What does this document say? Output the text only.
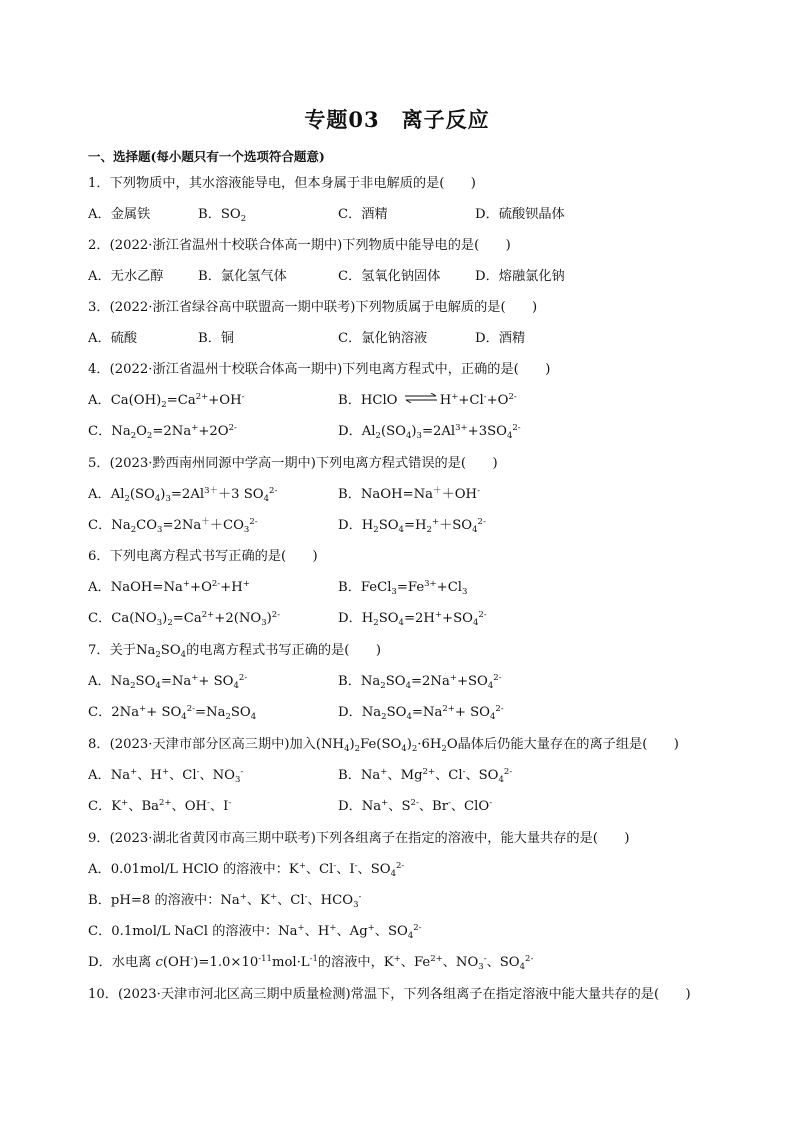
专题03　离子反应
一、选择题(每小题只有一个选项符合题意)
1．下列物质中，其水溶液能导电，但本身属于非电解质的是(　　)
A．金属铁	B．$SO_2$	C．酒精	D．硫酸钡晶体
2．(2022·浙江省温州十校联合体高一期中)下列物质中能导电的是(　　)
A．无水乙醇	B．氯化氢气体	C．氢氧化钠固体	D．熔融氯化钠
3．(2022·浙江省绿谷高中联盟高一期中联考)下列物质属于电解质的是(　　)
A．硫酸	B．铜	C．氯化钠溶液	D．酒精
4．(2022·浙江省温州十校联合体高一期中)下列电离方程式中，正确的是(　　)
A．$Ca(OH)_2=Ca^{2+}+OH^-$	B．HClO ⇌ $H^++Cl^-+O^{2-}$
C．$Na_2O_2=2Na^++2O^{2-}$	D．$Al_2(SO_4)_3=2Al^{3+}+3SO_4^{2-}$
5．(2023·黔西南州同源中学高一期中)下列电离方程式错误的是(　　)
A．$Al_2(SO_4)_3=2Al^{3+}+3$ $SO_4^{2-}$	B．NaOH=Na＋＋OH-
C．$Na_2CO_3=2Na^++CO_3^{2-}$	D．$H_2SO_4=H_2^++SO_4^{2-}$
6．下列电离方程式书写正确的是(　　)
A．$NaOH=Na^++O^{2-}+H^+$	B．$FeCl_3=Fe^{3+}+Cl_3$
C．$Ca(NO_3)_2=Ca^{2+}+2(NO_3)^{2-}$	D．$H_2SO_4=2H^++SO_4^{2-}$
7．关于$Na_2SO_4$的电离方程式书写正确的是(　　)
A．$Na_2SO_4=Na^++ SO_4^{2-}$	B．$Na_2SO_4=2Na^++SO_4^{2-}$
C．$2Na^++ SO_4^{2-}=Na_2SO_4$	D．$Na_2SO_4=Na^{2+}+ SO_4^{2-}$
8．(2023·天津市部分区高三期中)加入$(NH_4)_2Fe(SO_4)_2\cdot 6H_2O$晶体后仍能大量存在的离子组是(　　)
A．Na+、H+、Cl-、$NO_3^-$	B．Na+、$Mg^{2+}$、Cl-、$SO_4^{2-}$
C．K+、$Ba^{2+}$、OH-、I-	D．Na+、$S^{2-}$、Br-、ClO-
9．(2023·湖北省黄冈市高三期中联考)下列各组离子在指定的溶液中，能大量共存的是(　　)
A．0.01mol/L HClO 的溶液中：K+、Cl-、I-、$SO_4^{2-}$
B．pH=8 的溶液中：Na+、K+、Cl-、$HCO_3^-$
C．0.1mol/L NaCl 的溶液中：Na+、H+、Ag+、$SO_4^{2-}$
D．水电离 $c(OH^-)=1.0\times 10^{-11}mol\cdot L^{-1}$的溶液中，K+、$Fe^{2+}$、$NO_3^-$、$SO_4^{2-}$
10．(2023·天津市河北区高三期中质量检测)常温下，下列各组离子在指定溶液中能大量共存的是(　　)
